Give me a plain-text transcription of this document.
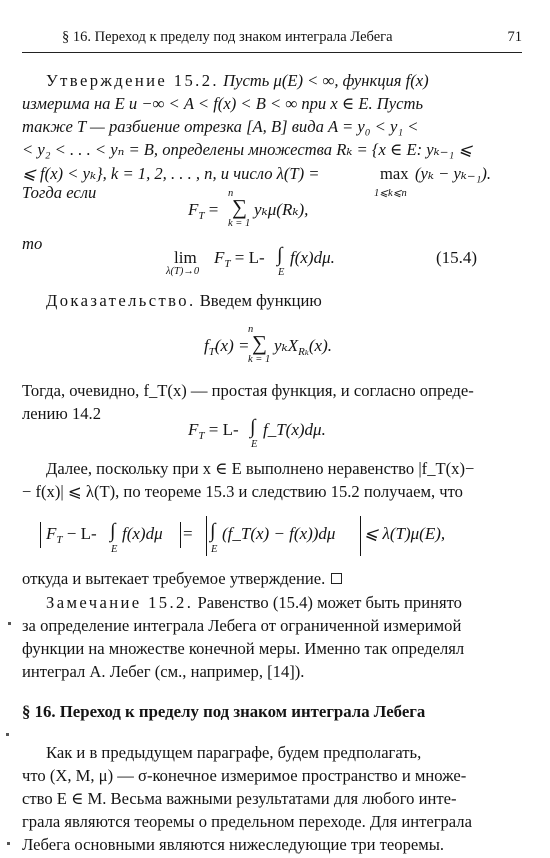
§ 16. Переход к пределу под знаком интеграла Лебега	71
Утверждение 15.2. Пусть μ(E) < ∞, функция f(x)
измерима на E и −∞ < A < f(x) < B < ∞ при x ∈ E. Пусть
также T — разбиение отрезка [A, B] вида A = y₀ < y₁ <
< y₂ < . . . < yₙ = B, определены множества Rₖ = {x ∈ E: yₖ₋₁ ⩽
⩽ f(x) < yₖ}, k = 1, 2, . . . , n, и число λ(T) =	max
1⩽k⩽n
(yₖ − yₖ₋₁).
Тогда если
$F_T$ =
n
∑
k = 1
yₖμ(Rₖ),
то
lim
λ(T)→0
$F_T = L-$ ∫
E
f(x)dμ.	(15.4)
Доказательство. Введем функцию
$f_T(x)$ =
n
∑
k = 1
yₖX$_{R_k}$(x).
Тогда, очевидно, f_T(x) — простая функция, и согласно опреде-
лению 14.2
$F_T = L-$ ∫
E
f_T(x)dμ.
Далее, поскольку при x ∈ E выполнено неравенство |f_T(x)−
− f(x)| ⩽ λ(T), по теореме 15.3 и следствию 15.2 получаем, что
$F_T - L-$ ∫
E
f(x)dμ = ∫
E
(f_T(x) − f(x))dμ ⩽ λ(T)μ(E),
откуда и вытекает требуемое утверждение.
Замечание 15.2. Равенство (15.4) может быть принято
за определение интеграла Лебега от ограниченной измеримой
функции на множестве конечной меры. Именно так определял
интеграл А. Лебег (см., например, [14]).
§ 16. Переход к пределу под знаком интеграла Лебега
Как и в предыдущем параграфе, будем предполагать,
что (X, M, μ) — σ-конечное измеримое пространство и множе-
ство E ∈ M. Весьма важными результатами для любого инте-
грала являются теоремы о предельном переходе. Для интеграла
Лебега основными являются нижеследующие три теоремы.
